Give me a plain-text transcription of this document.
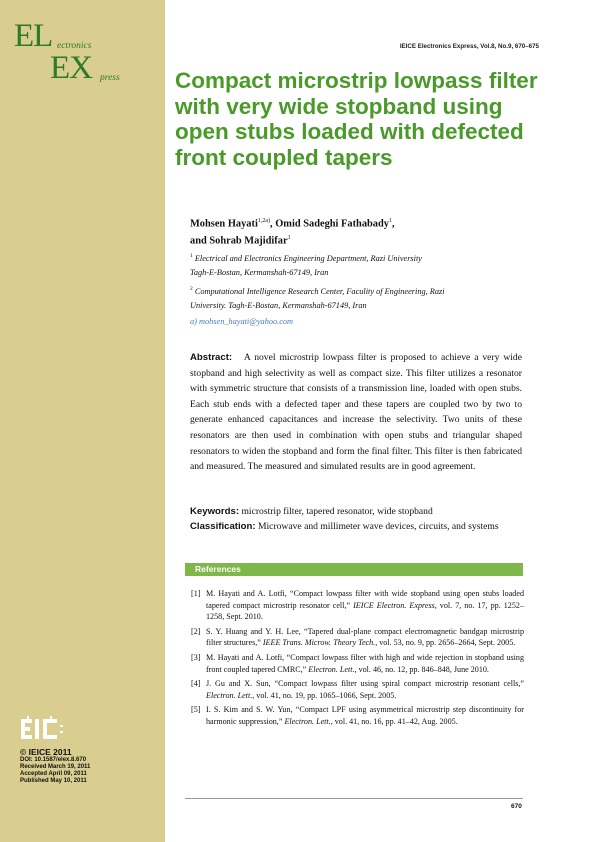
EL ectronics
EX press
IEICE Electronics Express, Vol.8, No.9, 670–675
Compact microstrip lowpass filter with very wide stopband using open stubs loaded with defected front coupled tapers
Mohsen Hayati$^{1,2a)}$, Omid Sadeghi Fathabady$^1$,
and Sohrab Majidifar$^1$
$^1$ Electrical and Electronics Engineering Department, Razi University
Tagh-E-Bostan, Kermanshah-67149, Iran
$^2$ Computational Intelligence Research Center, Faculity of Engineering, Razi
University. Tagh-E-Bostan, Kermanshah-67149, Iran
a) mohsen_hayati@yahoo.com
Abstract: A novel microstrip lowpass filter is proposed to achieve a very wide stopband and high selectivity as well as compact size. This filter utilizes a resonator with symmetric structure that consists of a transmission line, loaded with open stubs. Each stub ends with a defected taper and these tapers are coupled two by two to generate enhanced capacitances and increase the selectivity. Two units of these resonators are then used in combination with open stubs and triangular shaped resonators to widen the stopband and form the final filter. This filter is then fabricated and measured. The measured and simulated results are in good agreement.
Keywords: microstrip filter, tapered resonator, wide stopband
Classification: Microwave and millimeter wave devices, circuits, and systems
References
[1] M. Hayati and A. Lotfi, “Compact lowpass filter with wide stopband using open stubs loaded tapered compact microstrip resonator cell,” IEICE Electron. Express, vol. 7, no. 17, pp. 1252–1258, Sept. 2010.
[2] S. Y. Huang and Y. H. Lee, “Tapered dual-plane compact electromagnetic bandgap microstrip filter structures,” IEEE Trans. Microw. Theory Tech., vol. 53, no. 9, pp. 2656–2664, Sept. 2005.
[3] M. Hayati and A. Lotfi, “Compact lowpass filter with high and wide rejection in stopband using front coupled tapered CMRC,” Electron. Lett., vol. 46, no. 12, pp. 846–848, June 2010.
[4] J. Gu and X. Sun, “Compact lowpass filter using spiral compact microstrip resonant cells,” Electron. Lett., vol. 41, no. 19, pp. 1065–1066, Sept. 2005.
[5] I. S. Kim and S. W. Yun, “Compact LPF using asymmetrical microstrip step discontinuity for harmonic suppression,” Electron. Lett., vol. 41, no. 16, pp. 41–42, Aug. 2005.
© IEICE 2011
DOI: 10.1587/elex.8.670
Received March 19, 2011
Accepted April 09, 2011
Published May 10, 2011
670
